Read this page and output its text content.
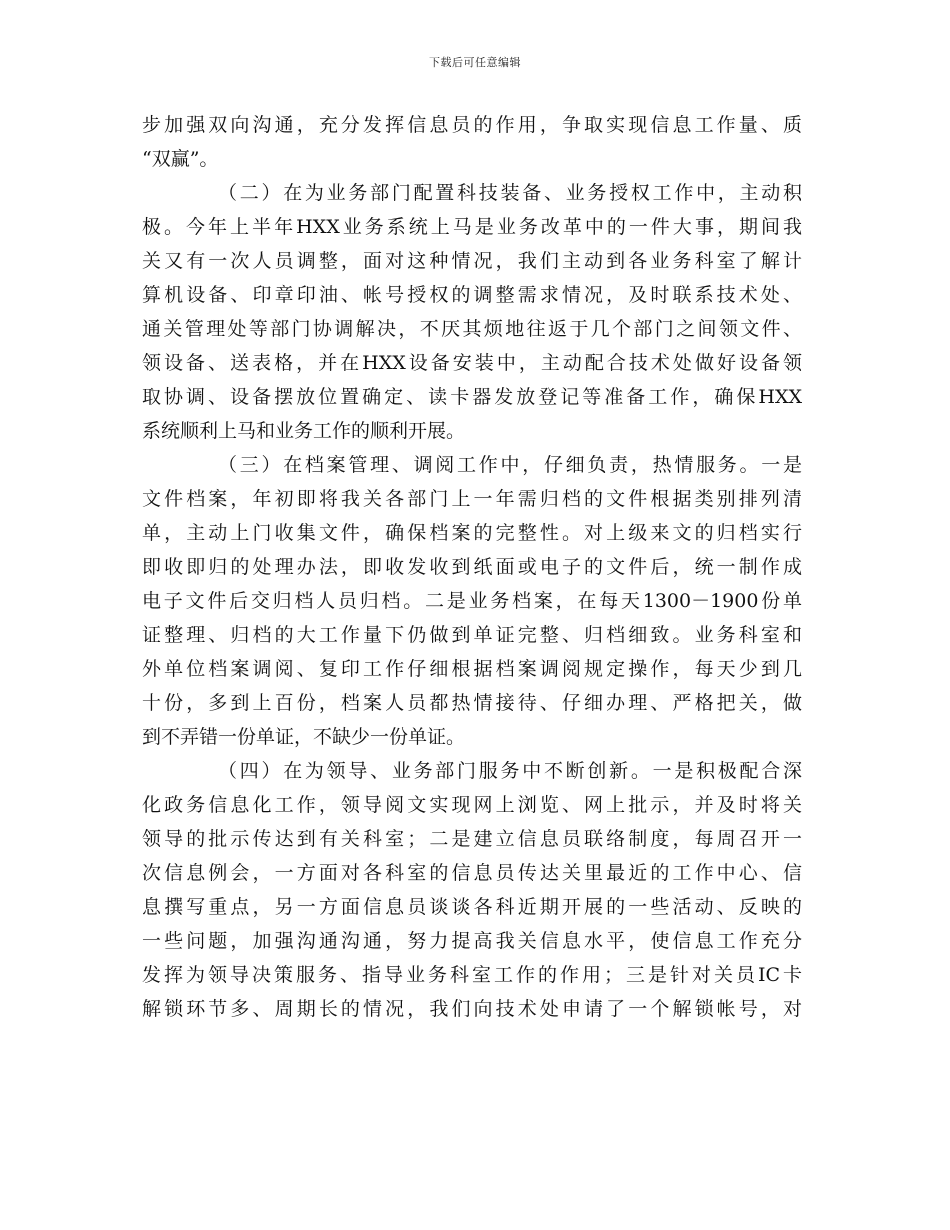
下载后可任意编辑
步加强双向沟通，充分发挥信息员的作用，争取实现信息工作量、质
“双赢”。
（二）在为业务部门配置科技装备、业务授权工作中，主动积
极。今年上半年HXX业务系统上马是业务改革中的一件大事，期间我
关又有一次人员调整，面对这种情况，我们主动到各业务科室了解计
算机设备、印章印油、帐号授权的调整需求情况，及时联系技术处、
通关管理处等部门协调解决，不厌其烦地往返于几个部门之间领文件、
领设备、送表格，并在HXX设备安装中，主动配合技术处做好设备领
取协调、设备摆放位置确定、读卡器发放登记等准备工作，确保HXX
系统顺利上马和业务工作的顺利开展。
（三）在档案管理、调阅工作中，仔细负责，热情服务。一是
文件档案，年初即将我关各部门上一年需归档的文件根据类别排列清
单，主动上门收集文件，确保档案的完整性。对上级来文的归档实行
即收即归的处理办法，即收发收到纸面或电子的文件后，统一制作成
电子文件后交归档人员归档。二是业务档案，在每天1300－1900份单
证整理、归档的大工作量下仍做到单证完整、归档细致。业务科室和
外单位档案调阅、复印工作仔细根据档案调阅规定操作，每天少到几
十份，多到上百份，档案人员都热情接待、仔细办理、严格把关，做
到不弄错一份单证，不缺少一份单证。
（四）在为领导、业务部门服务中不断创新。一是积极配合深
化政务信息化工作，领导阅文实现网上浏览、网上批示，并及时将关
领导的批示传达到有关科室；二是建立信息员联络制度，每周召开一
次信息例会，一方面对各科室的信息员传达关里最近的工作中心、信
息撰写重点，另一方面信息员谈谈各科近期开展的一些活动、反映的
一些问题，加强沟通沟通，努力提高我关信息水平，使信息工作充分
发挥为领导决策服务、指导业务科室工作的作用；三是针对关员IC卡
解锁环节多、周期长的情况，我们向技术处申请了一个解锁帐号，对
